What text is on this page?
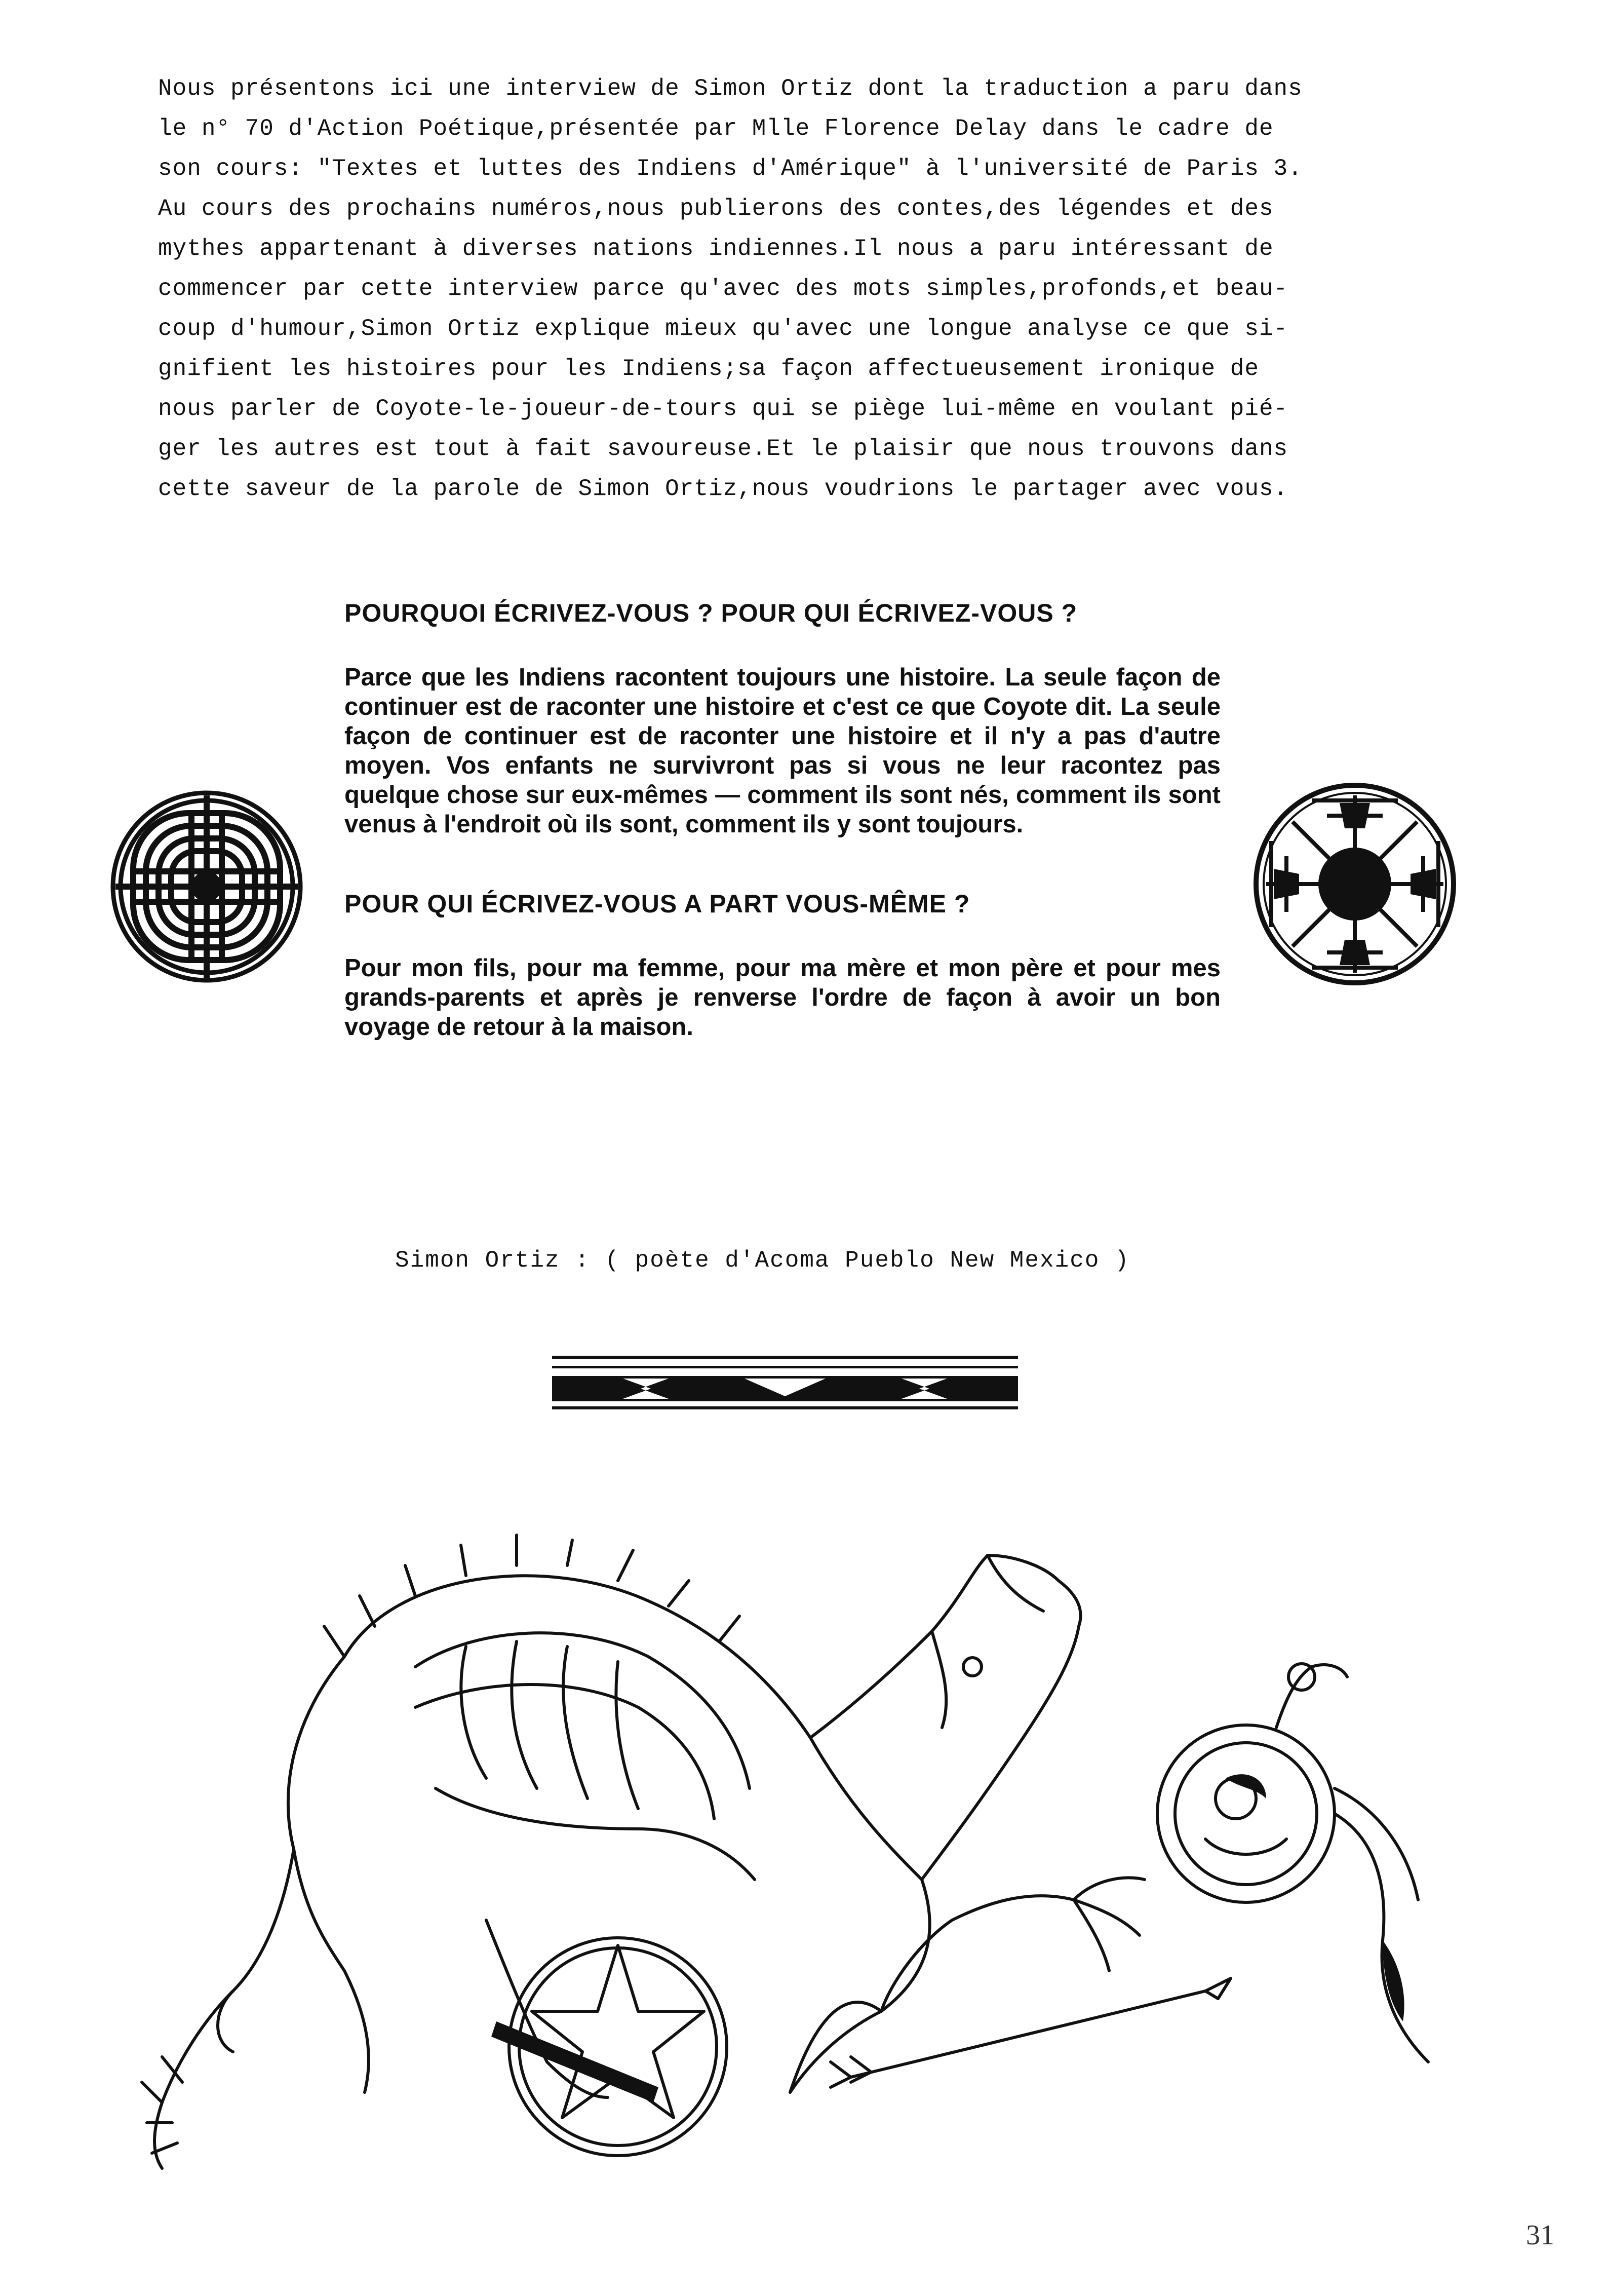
Nous présentons ici une interview de Simon Ortiz dont la traduction a paru dans

le n° 70 d'Action Poétique,présentée par Mlle Florence Delay dans le cadre de

son cours: "Textes et luttes des Indiens d'Amérique" à l'université de Paris 3.

Au cours des prochains numéros,nous publierons des contes,des légendes et des

mythes appartenant à diverses nations indiennes.Il nous a paru intéressant de

commencer par cette interview parce qu'avec des mots simples,profonds,et beau-

coup d'humour,Simon Ortiz explique mieux qu'avec une longue analyse ce que si-

gnifient les histoires pour les Indiens;sa façon affectueusement ironique de

nous parler de Coyote-le-joueur-de-tours qui se piège lui-même en voulant pié-

ger les autres est tout à fait savoureuse.Et le plaisir que nous trouvons dans

cette saveur de la parole de Simon Ortiz,nous voudrions le partager avec vous.

POURQUOI ÉCRIVEZ-VOUS ? POUR QUI ÉCRIVEZ-VOUS ?

Parce que les Indiens racontent toujours une histoire. La seule façon de continuer est de raconter une histoire et c'est ce que Coyote dit. La seule façon de continuer est de raconter une histoire et il n'y a pas d'autre moyen. Vos enfants ne survivront pas si vous ne leur racontez pas quelque chose sur eux-mêmes — comment ils sont nés, comment ils sont venus à l'endroit où ils sont, comment ils y sont toujours.

POUR QUI ÉCRIVEZ-VOUS A PART VOUS-MÊME ?

Pour mon fils, pour ma femme, pour ma mère et mon père et pour mes grands-parents et après je renverse l'ordre de façon à avoir un bon voyage de retour à la maison.

Simon Ortiz : ( poète d'Acoma Pueblo New Mexico )
31
